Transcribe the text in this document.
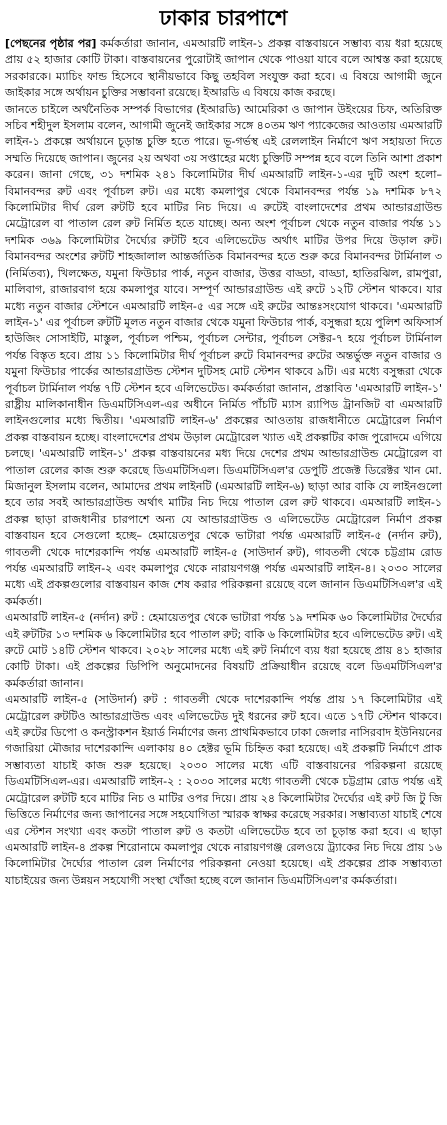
ঢাকার চারপাশে
[পেছনের পৃষ্ঠার পর] কর্মকর্তারা জানান, এমআরটি লাইন-১ প্রকল্প বাস্তবায়নে সম্ভাব্য ব্যয় ধরা হয়েছে প্রায় ৫২ হাজার কোটি টাকা। বাস্তবায়নের পুরোটাই জাপান থেকে পাওয়া যাবে বলে আশ্বস্ত করা হয়েছে সরকারকে। ম্যাচিং ফান্ড হিসেবে স্থানীয়ভাবে কিছু তহবিল সংযুক্ত করা হবে। এ বিষয়ে আগামী জুনে জাইকার সঙ্গে অর্থায়ন চুক্তির সম্ভাবনা রয়েছে। ইআরডি এ বিষয়ে কাজ করছে।
জানতে চাইলে অর্থনৈতিক সম্পর্ক বিভাগের (ইআরডি) আমেরিকা ও জাপান উইংয়ের চিফ, অতিরিক্ত সচিব শহীদুল ইসলাম বলেন, আগামী জুনেই জাইকার সঙ্গে ৪০তম ঋণ প্যাকেজের আওতায় এমআরটি লাইন-১ প্রকল্পে অর্থায়নে চূড়ান্ত চুক্তি হতে পারে। ভূ-গর্ভস্থ এই রেললাইন নির্মাণে ঋণ সহায়তা দিতে সম্মতি দিয়েছে জাপান। জুনের ২য় অথবা ৩য় সপ্তাহের মধ্যে চুক্তিটি সম্পন্ন হবে বলে তিনি আশা প্রকাশ করেন। জানা গেছে, ৩১ দশমিক ২৪১ কিলোমিটার দীর্ঘ এমআরটি লাইন-১-এর দুটি অংশ হলো– বিমানবন্দর রুট এবং পূর্বাচল রুট। এর মধ্যে কমলাপুর থেকে বিমানবন্দর পর্যন্ত ১৯ দশমিক ৮৭২ কিলোমিটার দীর্ঘ রেল রুটটি হবে মাটির নিচ দিয়ে। এ রুটেই বাংলাদেশের প্রথম আন্ডারগ্রাউন্ড মেট্রোরেল বা পাতাল রেল রুট নির্মিত হতে যাচ্ছে। অন্য অংশ পূর্বাচল থেকে নতুন বাজার পর্যন্ত ১১ দশমিক ৩৬৯ কিলোমিটার দৈর্ঘ্যের রুটটি হবে এলিভেটেড অর্থাৎ মাটির উপর দিয়ে উড়াল রুট। বিমানবন্দর অংশের রুটটি শাহজালাল আন্তর্জাতিক বিমানবন্দর হতে শুরু করে বিমানবন্দর টার্মিনাল ৩ (নির্মিতব্য), খিলক্ষেত, যমুনা ফিউচার পার্ক, নতুন বাজার, উত্তর বাড্ডা, বাড্ডা, হাতিরঝিল, রামপুরা, মালিবাগ, রাজারবাগ হয়ে কমলাপুর যাবে। সম্পূর্ণ আন্ডারগ্রাউন্ড এই রুটে ১২টি স্টেশন থাকবে। যার মধ্যে নতুন বাজার স্টেশনে এমআরটি লাইন-৫ এর সঙ্গে এই রুটের আন্তঃসংযোগ থাকবে। 'এমআরটি লাইন-১' এর পূর্বাচল রুটটি মূলত নতুন বাজার থেকে যমুনা ফিউচার পার্ক, বসুন্ধরা হয়ে পুলিশ অফিসার্স হাউজিং সোসাইটি, মাস্তুল, পূর্বাচল পশ্চিম, পূর্বাচল সেন্টার, পূর্বাচল সেক্টর-৭ হয়ে পূর্বাচল টার্মিনাল পর্যন্ত বিস্তৃত হবে। প্রায় ১১ কিলোমিটার দীর্ঘ পূর্বাচল রুটে বিমানবন্দর রুটের অন্তর্ভুক্ত নতুন বাজার ও যমুনা ফিউচার পার্কের আন্ডারগ্রাউন্ড স্টেশন দুটিসহ মোট স্টেশন থাকবে ৯টি। এর মধ্যে বসুন্ধরা থেকে পূর্বাচল টার্মিনাল পর্যন্ত ৭টি স্টেশন হবে এলিভেটেড। কর্মকর্তারা জানান, প্রস্তাবিত 'এমআরটি লাইন-১' রাষ্ট্রীয় মালিকানাধীন ডিএমটিসিএল-এর অধীনে নির্মিত পাঁচটি ম্যাস র‍্যাপিড ট্রানজিট বা এমআরটি লাইনগুলোর মধ্যে দ্বিতীয়। 'এমআরটি লাইন-৬' প্রকল্পের আওতায় রাজধানীতে মেট্রোরেল নির্মাণ প্রকল্প বাস্তবায়ন হচ্ছে। বাংলাদেশের প্রথম উড়াল মেট্রোরেল খ্যাত এই প্রকল্পটির কাজ পুরোদমে এগিয়ে চলছে। 'এমআরটি লাইন-১' প্রকল্প বাস্তবায়নের মধ্য দিয়ে দেশের প্রথম আন্ডারগ্রাউন্ড মেট্রোরেল বা পাতাল রেলের কাজ শুরু করেছে ডিএমটিসিএল। ডিএমটিসিএল'র ডেপুটি প্রজেক্ট ডিরেক্টর খান মো. মিজানুল ইসলাম বলেন, আমাদের প্রথম লাইনটি (এমআরটি লাইন-৬) ছাড়া আর বাকি যে লাইনগুলো হবে তার সবই আন্ডারগ্রাউন্ড অর্থাৎ মাটির নিচ দিয়ে পাতাল রেল রুট থাকবে। এমআরটি লাইন-১ প্রকল্প ছাড়া রাজধানীর চারপাশে অন্য যে আন্ডারগ্রাউন্ড ও এলিভেটেড মেট্রোরেল নির্মাণ প্রকল্প বাস্তবায়ন হবে সেগুলো হচ্ছে– হেমায়েতপুর থেকে ভাটারা পর্যন্ত এমআরটি লাইন-৫ (নর্দান রুট), গাবতলী থেকে দাশেরকান্দি পর্যন্ত এমআরটি লাইন-৫ (সাউদার্ন রুট), গাবতলী থেকে চট্টগ্রাম রোড পর্যন্ত এমআরটি লাইন-২ এবং কমলাপুর থেকে নারায়ণগঞ্জ পর্যন্ত এমআরটি লাইন-৪। ২০৩০ সালের মধ্যে এই প্রকল্পগুলোর বাস্তবায়ন কাজ শেষ করার পরিকল্পনা রয়েছে বলে জানান ডিএমটিসিএল'র এই কর্মকর্তা।
এমআরটি লাইন-৫ (নর্দান) রুট : হেমায়েতপুর থেকে ভাটারা পর্যন্ত ১৯ দশমিক ৬০ কিলোমিটার দৈর্ঘ্যের এই রুটটির ১৩ দশমিক ৬ কিলোমিটার হবে পাতাল রুট; বাকি ৬ কিলোমিটার হবে এলিভেটেড রুট। এই রুটে মোট ১৪টি স্টেশন থাকবে। ২০২৮ সালের মধ্যে এই রুট নির্মাণে ব্যয় ধরা হয়েছে প্রায় ৪১ হাজার কোটি টাকা। এই প্রকল্পের ডিপিপি অনুমোদনের বিষয়টি প্রক্রিয়াধীন রয়েছে বলে ডিএমটিসিএল'র কর্মকর্তারা জানান।
এমআরটি লাইন-৫ (সাউদার্ন) রুট : গাবতলী থেকে দাশেরকান্দি পর্যন্ত প্রায় ১৭ কিলোমিটার এই মেট্রোরেল রুটটিও আন্ডারগ্রাউন্ড এবং এলিভেটেড দুই ধরনের রুট হবে। এতে ১৭টি স্টেশন থাকবে। এই রুটের ডিপো ও কনস্ট্রাকশন ইয়ার্ড নির্মাণের জন্য প্রাথমিকভাবে ঢাকা জেলার নাসিরবাদ ইউনিয়নের গজারিয়া মৌজার দাশেরকান্দি এলাকায় ৪০ হেক্টর ভূমি চিহ্নিত করা হয়েছে। এই প্রকল্পটি নির্মাণে প্রাক সম্ভাব্যতা যাচাই কাজ শুরু হয়েছে। ২০৩০ সালের মধ্যে এটি বাস্তবায়নের পরিকল্পনা রয়েছে ডিএমটিসিএল-এর। এমআরটি লাইন-২ : ২০৩০ সালের মধ্যে গাবতলী থেকে চট্টগ্রাম রোড পর্যন্ত এই মেট্রোরেল রুটটি হবে মাটির নিচ ও মাটির ওপর দিয়ে। প্রায় ২৪ কিলোমিটার দৈর্ঘ্যের এই রুট জি টু জি ভিত্তিতে নির্মাণের জন্য জাপানের সঙ্গে সহযোগিতা স্মারক স্বাক্ষর করেছে সরকার। সম্ভাব্যতা যাচাই শেষে এর স্টেশন সংখ্যা এবং কতটা পাতাল রুট ও কতটা এলিভেটেড হবে তা চূড়ান্ত করা হবে। এ ছাড়া এমআরটি লাইন-৪ প্রকল্প শিরোনামে কমলাপুর থেকে নারায়ণগঞ্জ রেলওয়ে ট্র্যাকের নিচ দিয়ে প্রায় ১৬ কিলোমিটার দৈর্ঘ্যের পাতাল রেল নির্মাণের পরিকল্পনা নেওয়া হয়েছে। এই প্রকল্পের প্রাক সম্ভাব্যতা যাচাইয়ের জন্য উন্নয়ন সহযোগী সংস্থা খোঁজা হচ্ছে বলে জানান ডিএমটিসিএল'র কর্মকর্তারা।
